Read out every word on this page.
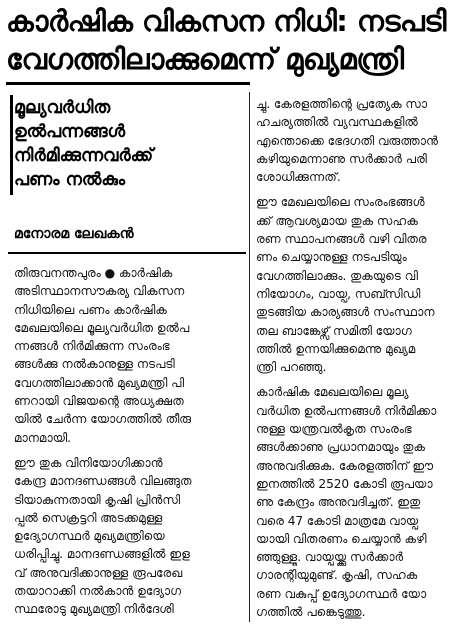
കാർഷിക വികസന നിധി: നടപടി
വേഗത്തിലാക്കുമെന്ന് മുഖ്യമന്ത്രി
മൂല്യവർധിത
ഉൽപന്നങ്ങൾ
നിർമിക്കുന്നവർക്ക്
പണം നൽകും
മനോരമ ലേഖകൻ
തിരുവനന്തപുരം ● കാർഷിക
അടിസ്ഥാനസൗകര്യ വികസന
നിധിയിലെ പണം കാർഷിക
മേഖലയിലെ മൂല്യവർധിത ഉൽപ
ന്നങ്ങൾ നിർമിക്കുന്ന സംരംഭ
ങ്ങൾക്കു നൽകാനുള്ള നടപടി
വേഗത്തിലാക്കാൻ മുഖ്യമന്ത്രി പി
ണറായി വിജയന്റെ അധ്യക്ഷത
യിൽ ചേർന്ന യോഗത്തിൽ തീരു
മാനമായി.
ഈ തുക വിനിയോഗിക്കാൻ
കേന്ദ്ര മാനദണ്ഡങ്ങൾ വിലങ്ങുത
ടിയാകുന്നതായി കൃഷി പ്രിൻസി
പ്പൽ സെക്രട്ടറി അടക്കമുള്ള
ഉദ്യോഗസ്ഥർ മുഖ്യമന്ത്രിയെ
ധരിപ്പിച്ചു. മാനദണ്ഡങ്ങളിൽ ഇള
വ് അനുവദിക്കാനുള്ള രൂപരേഖ
തയാറാക്കി നൽകാൻ ഉദ്യോഗ
സ്ഥരോടു മുഖ്യമന്ത്രി നിർദേശി
ച്ചു. കേരളത്തിന്റെ പ്രത്യേക സാ
ഹചര്യത്തിൽ വ്യവസ്ഥകളിൽ
എന്തൊക്കെ ഭേദഗതി വരുത്താൻ
കഴിയുമെന്നാണു സർക്കാർ പരി
ശോധിക്കുന്നത്.
ഈ മേഖലയിലെ സംരംഭങ്ങൾ
ക്ക് ആവശ്യമായ തുക സഹക
രണ സ്ഥാപനങ്ങൾ വഴി വിതര
ണം ചെയ്യാനുള്ള നടപടിയും
വേഗത്തിലാക്കും. തുകയുടെ വി
നിയോഗം, വായ്പ, സബ്സിഡി
തുടങ്ങിയ കാര്യങ്ങൾ സംസ്ഥാന
തല ബാങ്കേഴ്സ് സമിതി യോഗ
ത്തിൽ ഉന്നയിക്കുമെന്നു മുഖ്യമ
ന്ത്രി പറഞ്ഞു.
കാർഷിക മേഖലയിലെ മൂല്യ
വർധിത ഉൽപന്നങ്ങൾ നിർമിക്കാ
നുള്ള യന്ത്രവൽകൃത സംരംഭ
ങ്ങൾക്കാണു പ്രധാനമായും തുക
അനുവദിക്കുക. കേരളത്തിന് ഈ
ഇനത്തിൽ 2520 കോടി രൂപയാ
ണു കേന്ദ്രം അനുവദിച്ചത്. ഇതു
വരെ 47 കോടി മാത്രമേ വായ്പ
യായി വിതരണം ചെയ്യാൻ കഴി
ഞ്ഞുള്ളൂ. വായ്പയ്ക്കു സർക്കാർ
ഗാരന്റിയുമുണ്ട്. കൃഷി, സഹക
രണ വകുപ്പ് ഉദ്യോഗസ്ഥർ യോ
ഗത്തിൽ പങ്കെടുത്തു.
